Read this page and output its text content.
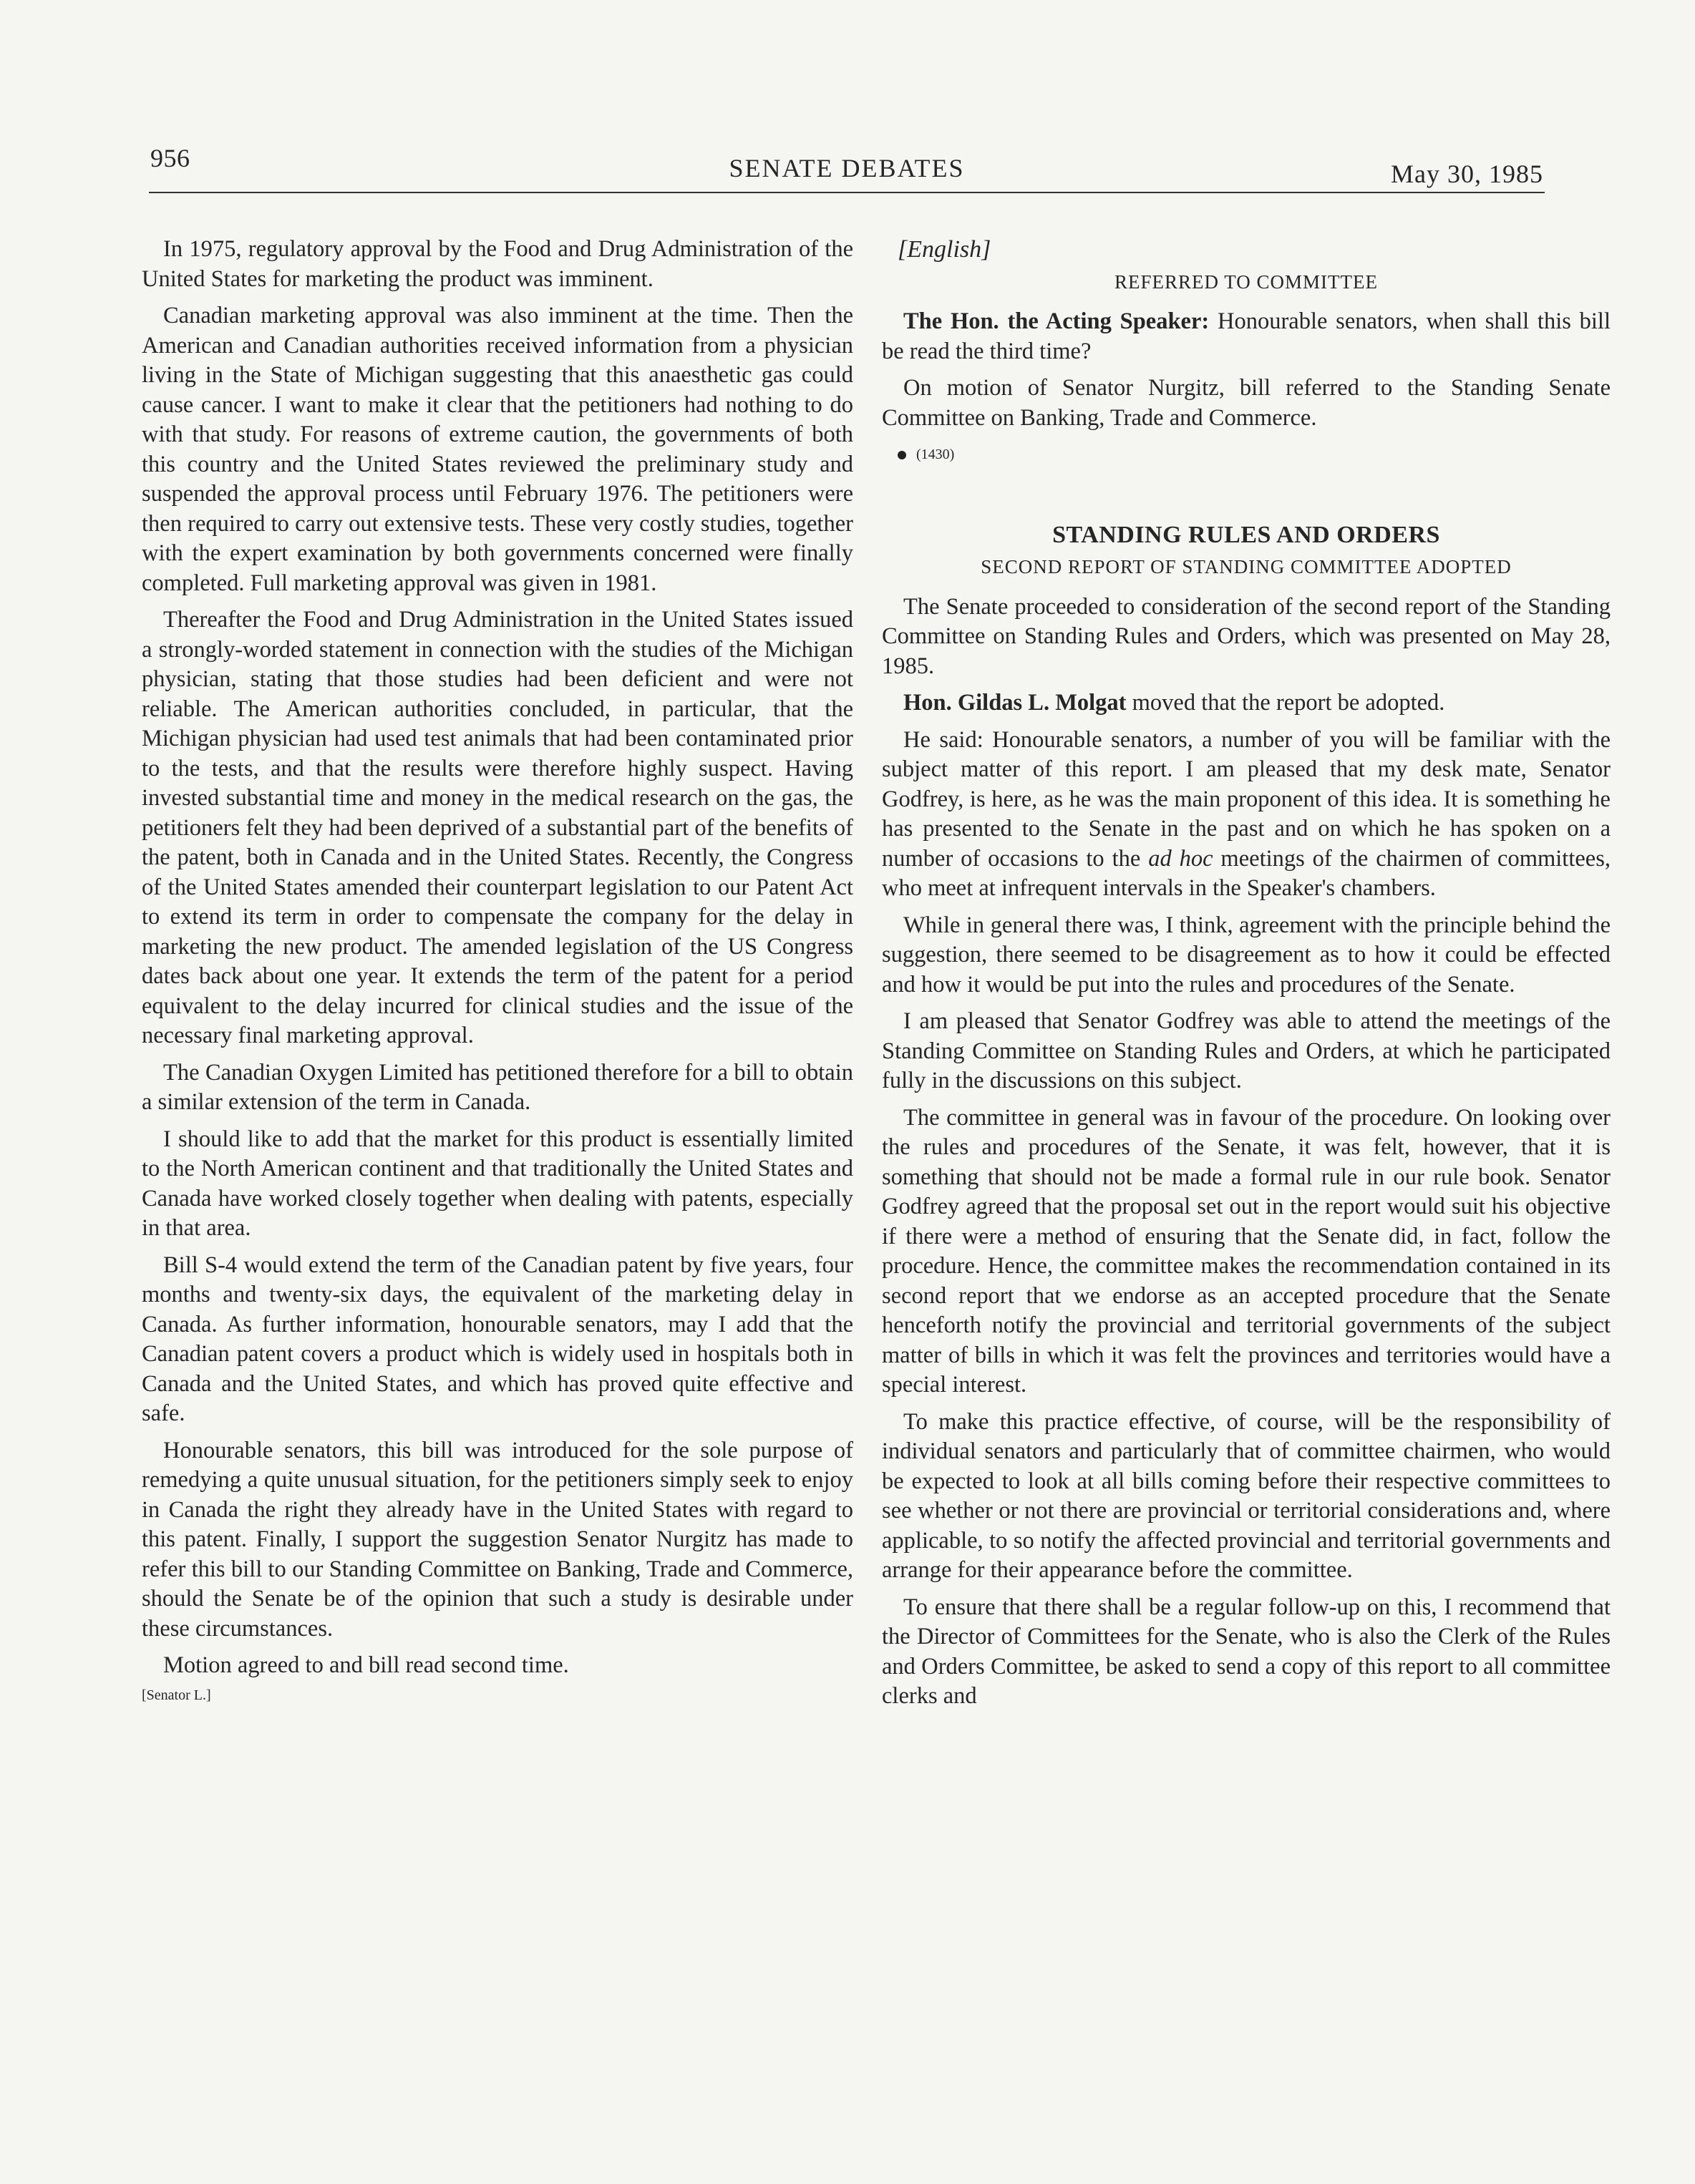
956	SENATE DEBATES	May 30, 1985

In 1975, regulatory approval by the Food and Drug Administration of the United States for marketing the product was imminent.

Canadian marketing approval was also imminent at the time. Then the American and Canadian authorities received information from a physician living in the State of Michigan suggesting that this anaesthetic gas could cause cancer. I want to make it clear that the petitioners had nothing to do with that study. For reasons of extreme caution, the governments of both this country and the United States reviewed the preliminary study and suspended the approval process until February 1976. The petitioners were then required to carry out extensive tests. These very costly studies, together with the expert examination by both governments concerned were finally completed. Full marketing approval was given in 1981.

Thereafter the Food and Drug Administration in the United States issued a strongly-worded statement in connection with the studies of the Michigan physician, stating that those studies had been deficient and were not reliable. The American authorities concluded, in particular, that the Michigan physician had used test animals that had been contaminated prior to the tests, and that the results were therefore highly suspect. Having invested substantial time and money in the medical research on the gas, the petitioners felt they had been deprived of a substantial part of the benefits of the patent, both in Canada and in the United States. Recently, the Congress of the United States amended their counterpart legislation to our Patent Act to extend its term in order to compensate the company for the delay in marketing the new product. The amended legislation of the US Congress dates back about one year. It extends the term of the patent for a period equivalent to the delay incurred for clinical studies and the issue of the necessary final marketing approval.

The Canadian Oxygen Limited has petitioned therefore for a bill to obtain a similar extension of the term in Canada.

I should like to add that the market for this product is essentially limited to the North American continent and that traditionally the United States and Canada have worked closely together when dealing with patents, especially in that area.

Bill S-4 would extend the term of the Canadian patent by five years, four months and twenty-six days, the equivalent of the marketing delay in Canada. As further information, honourable senators, may I add that the Canadian patent covers a product which is widely used in hospitals both in Canada and the United States, and which has proved quite effective and safe.

Honourable senators, this bill was introduced for the sole purpose of remedying a quite unusual situation, for the petitioners simply seek to enjoy in Canada the right they already have in the United States with regard to this patent. Finally, I support the suggestion Senator Nurgitz has made to refer this bill to our Standing Committee on Banking, Trade and Commerce, should the Senate be of the opinion that such a study is desirable under these circumstances.

Motion agreed to and bill read second time.

[Senator L.]

[English]
REFERRED TO COMMITTEE

The Hon. the Acting Speaker: Honourable senators, when shall this bill be read the third time?

On motion of Senator Nurgitz, bill referred to the Standing Senate Committee on Banking, Trade and Commerce.

(1430)
STANDING RULES AND ORDERS
SECOND REPORT OF STANDING COMMITTEE ADOPTED

The Senate proceeded to consideration of the second report of the Standing Committee on Standing Rules and Orders, which was presented on May 28, 1985.

Hon. Gildas L. Molgat moved that the report be adopted.

He said: Honourable senators, a number of you will be familiar with the subject matter of this report. I am pleased that my desk mate, Senator Godfrey, is here, as he was the main proponent of this idea. It is something he has presented to the Senate in the past and on which he has spoken on a number of occasions to the ad hoc meetings of the chairmen of committees, who meet at infrequent intervals in the Speaker's chambers.

While in general there was, I think, agreement with the principle behind the suggestion, there seemed to be disagreement as to how it could be effected and how it would be put into the rules and procedures of the Senate.

I am pleased that Senator Godfrey was able to attend the meetings of the Standing Committee on Standing Rules and Orders, at which he participated fully in the discussions on this subject.

The committee in general was in favour of the procedure. On looking over the rules and procedures of the Senate, it was felt, however, that it is something that should not be made a formal rule in our rule book. Senator Godfrey agreed that the proposal set out in the report would suit his objective if there were a method of ensuring that the Senate did, in fact, follow the procedure. Hence, the committee makes the recommendation contained in its second report that we endorse as an accepted procedure that the Senate henceforth notify the provincial and territorial governments of the subject matter of bills in which it was felt the provinces and territories would have a special interest.

To make this practice effective, of course, will be the responsibility of individual senators and particularly that of committee chairmen, who would be expected to look at all bills coming before their respective committees to see whether or not there are provincial or territorial considerations and, where applicable, to so notify the affected provincial and territorial governments and arrange for their appearance before the committee.

To ensure that there shall be a regular follow-up on this, I recommend that the Director of Committees for the Senate, who is also the Clerk of the Rules and Orders Committee, be asked to send a copy of this report to all committee clerks and
